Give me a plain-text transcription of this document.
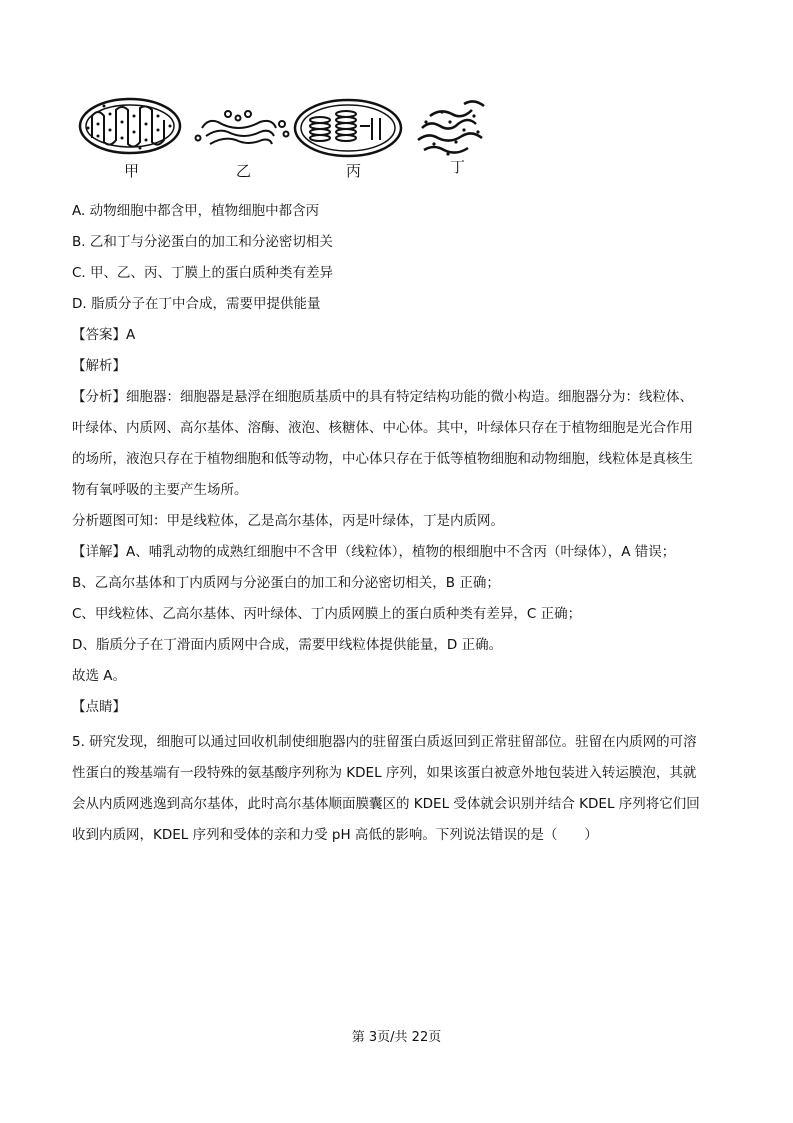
甲	乙	丙	丁
A. 动物细胞中都含甲，植物细胞中都含丙
B. 乙和丁与分泌蛋白的加工和分泌密切相关
C. 甲、乙、丙、丁膜上的蛋白质种类有差异
D. 脂质分子在丁中合成，需要甲提供能量
【答案】A
【解析】
【分析】细胞器：细胞器是悬浮在细胞质基质中的具有特定结构功能的微小构造。细胞器分为：线粒体、
叶绿体、内质网、高尔基体、溶酶、液泡、核糖体、中心体。其中，叶绿体只存在于植物细胞是光合作用
的场所，液泡只存在于植物细胞和低等动物，中心体只存在于低等植物细胞和动物细胞，线粒体是真核生
物有氧呼吸的主要产生场所。
分析题图可知：甲是线粒体，乙是高尔基体，丙是叶绿体，丁是内质网。
【详解】A、哺乳动物的成熟红细胞中不含甲（线粒体），植物的根细胞中不含丙（叶绿体），A 错误；
B、乙高尔基体和丁内质网与分泌蛋白的加工和分泌密切相关，B 正确；
C、甲线粒体、乙高尔基体、丙叶绿体、丁内质网膜上的蛋白质种类有差异，C 正确；
D、脂质分子在丁滑面内质网中合成，需要甲线粒体提供能量，D 正确。
故选 A。
【点睛】
5. 研究发现，细胞可以通过回收机制使细胞器内的驻留蛋白质返回到正常驻留部位。驻留在内质网的可溶
性蛋白的羧基端有一段特殊的氨基酸序列称为 KDEL 序列，如果该蛋白被意外地包装进入转运膜泡，其就
会从内质网逃逸到高尔基体，此时高尔基体顺面膜囊区的 KDEL 受体就会识别并结合 KDEL 序列将它们回
收到内质网，KDEL 序列和受体的亲和力受 pH 高低的影响。下列说法错误的是（　　）
第 3页/共 22页
